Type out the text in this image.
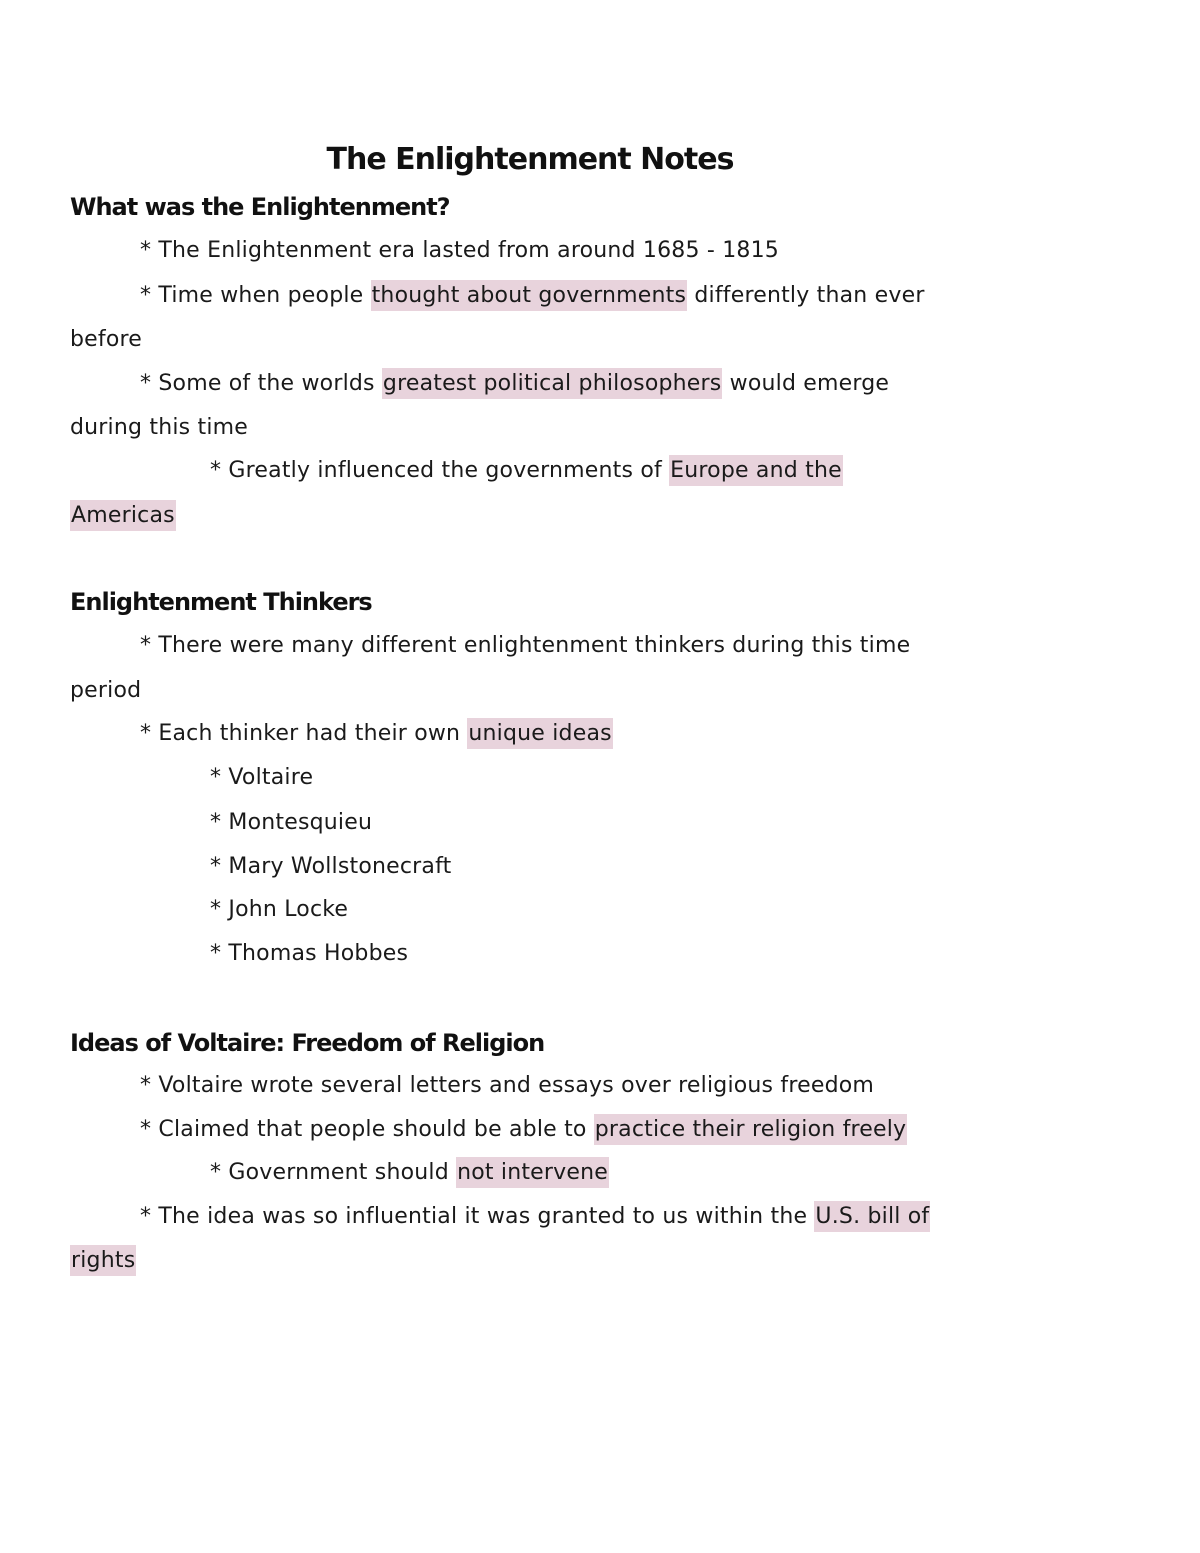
The Enlightenment Notes
What was the Enlightenment?
* The Enlightenment era lasted from around 1685 - 1815
* Time when people thought about governments differently than ever
before
* Some of the worlds greatest political philosophers would emerge
during this time
* Greatly influenced the governments of Europe and the
Americas
Enlightenment Thinkers
* There were many different enlightenment thinkers during this time
period
* Each thinker had their own unique ideas
* Voltaire
* Montesquieu
* Mary Wollstonecraft
* John Locke
* Thomas Hobbes
Ideas of Voltaire: Freedom of Religion
* Voltaire wrote several letters and essays over religious freedom
* Claimed that people should be able to practice their religion freely
* Government should not intervene
* The idea was so influential it was granted to us within the U.S. bill of
rights
